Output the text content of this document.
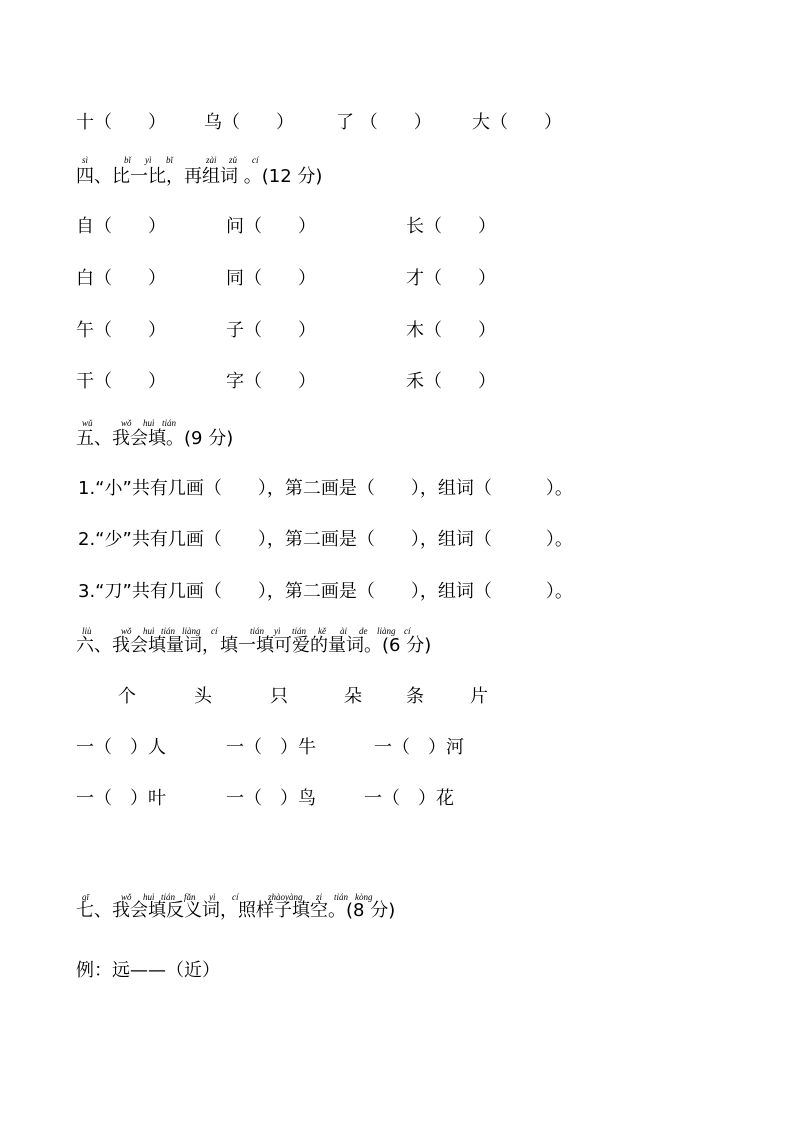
十（　　） 乌（　　） 了 （　　） 大（　　）
sì	bǐ yì bǐ	zài zǔ cí
四、比一比，再组词 。(12 分)
自（　　）	问（　　）	长（　　）
白（　　）	同（　　）	才（　　）
午（　　）	子（　　）	木（　　）
干（　　）	字（　　）	禾（　　）
wǔ	wǒ huì tián
五、我会填。(9 分)
1.“小”共有几画（　　），第二画是（　　），组词（　　　）。
2.“少”共有几画（　　），第二画是（　　），组词（　　　）。
3.“刀”共有几画（　　），第二画是（　　），组词（　　　）。
liù	wǒ huì tián liàng cí	tián yì tián kě ài de liàng cí
六、我会填量词，填一填可爱的量词。(6 分)
个	头	只	朵 条	片
一（　）人	一（　）牛	一（　）河
一（　）叶	一（　）鸟	一（　）花
qī	wǒ huì tián fǎn yì cí	zhàoyàng zi tián kòng
七、我会填反义词，照样子填空。(8 分)
例：远——（近）
